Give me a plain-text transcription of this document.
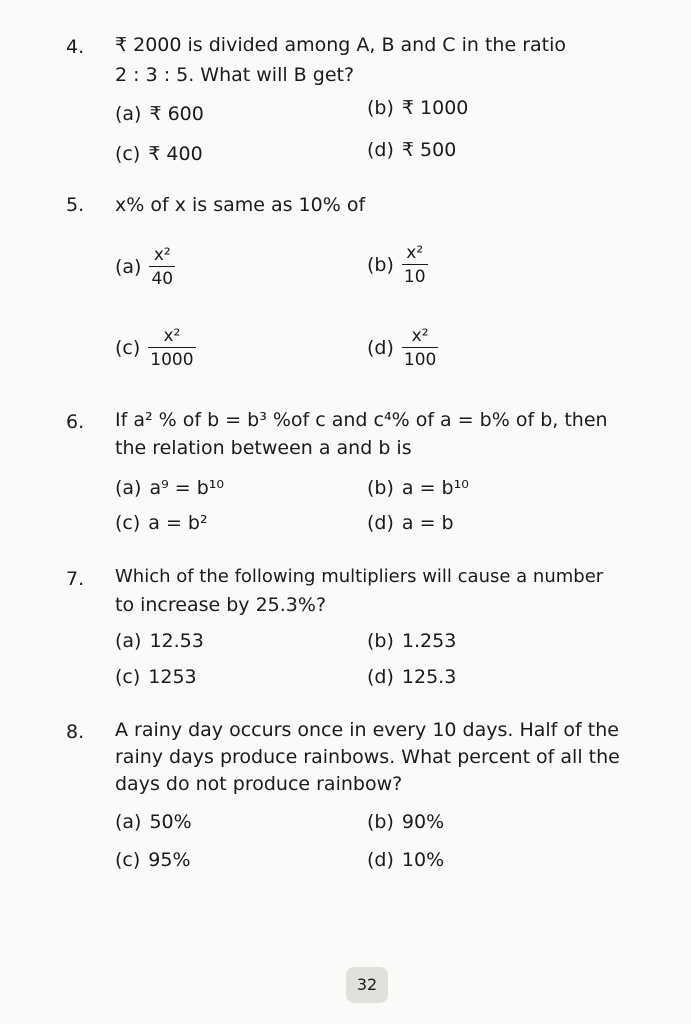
4. ₹ 2000 is divided among A, B and C in the ratio
2 : 3 : 5. What will B get?
(a) ₹ 600	(b) ₹ 1000
(c) ₹ 400	(d) ₹ 500
5. x% of x is same as 10% of
$(a) \frac{\text{x²}}{40}$	$(b) \frac{\text{x²}}{10}$
$(c) \frac{\text{x²}}{1000}$	$(d) \frac{\text{x²}}{100}$
6. If a² % of b = b³ %of c and c⁴% of a = b% of b, then
the relation between a and b is
(a) a⁹ = b¹⁰	(b) a = b¹⁰
(c) a = b²	(d) a = b
7. Which of the following multipliers will cause a number
to increase by 25.3%?
(a) 12.53	(b) 1.253
(c) 1253	(d) 125.3
8. A rainy day occurs once in every 10 days. Half of the
rainy days produce rainbows. What percent of all the
days do not produce rainbow?
(a) 50%	(b) 90%
(c) 95%	(d) 10%
32
